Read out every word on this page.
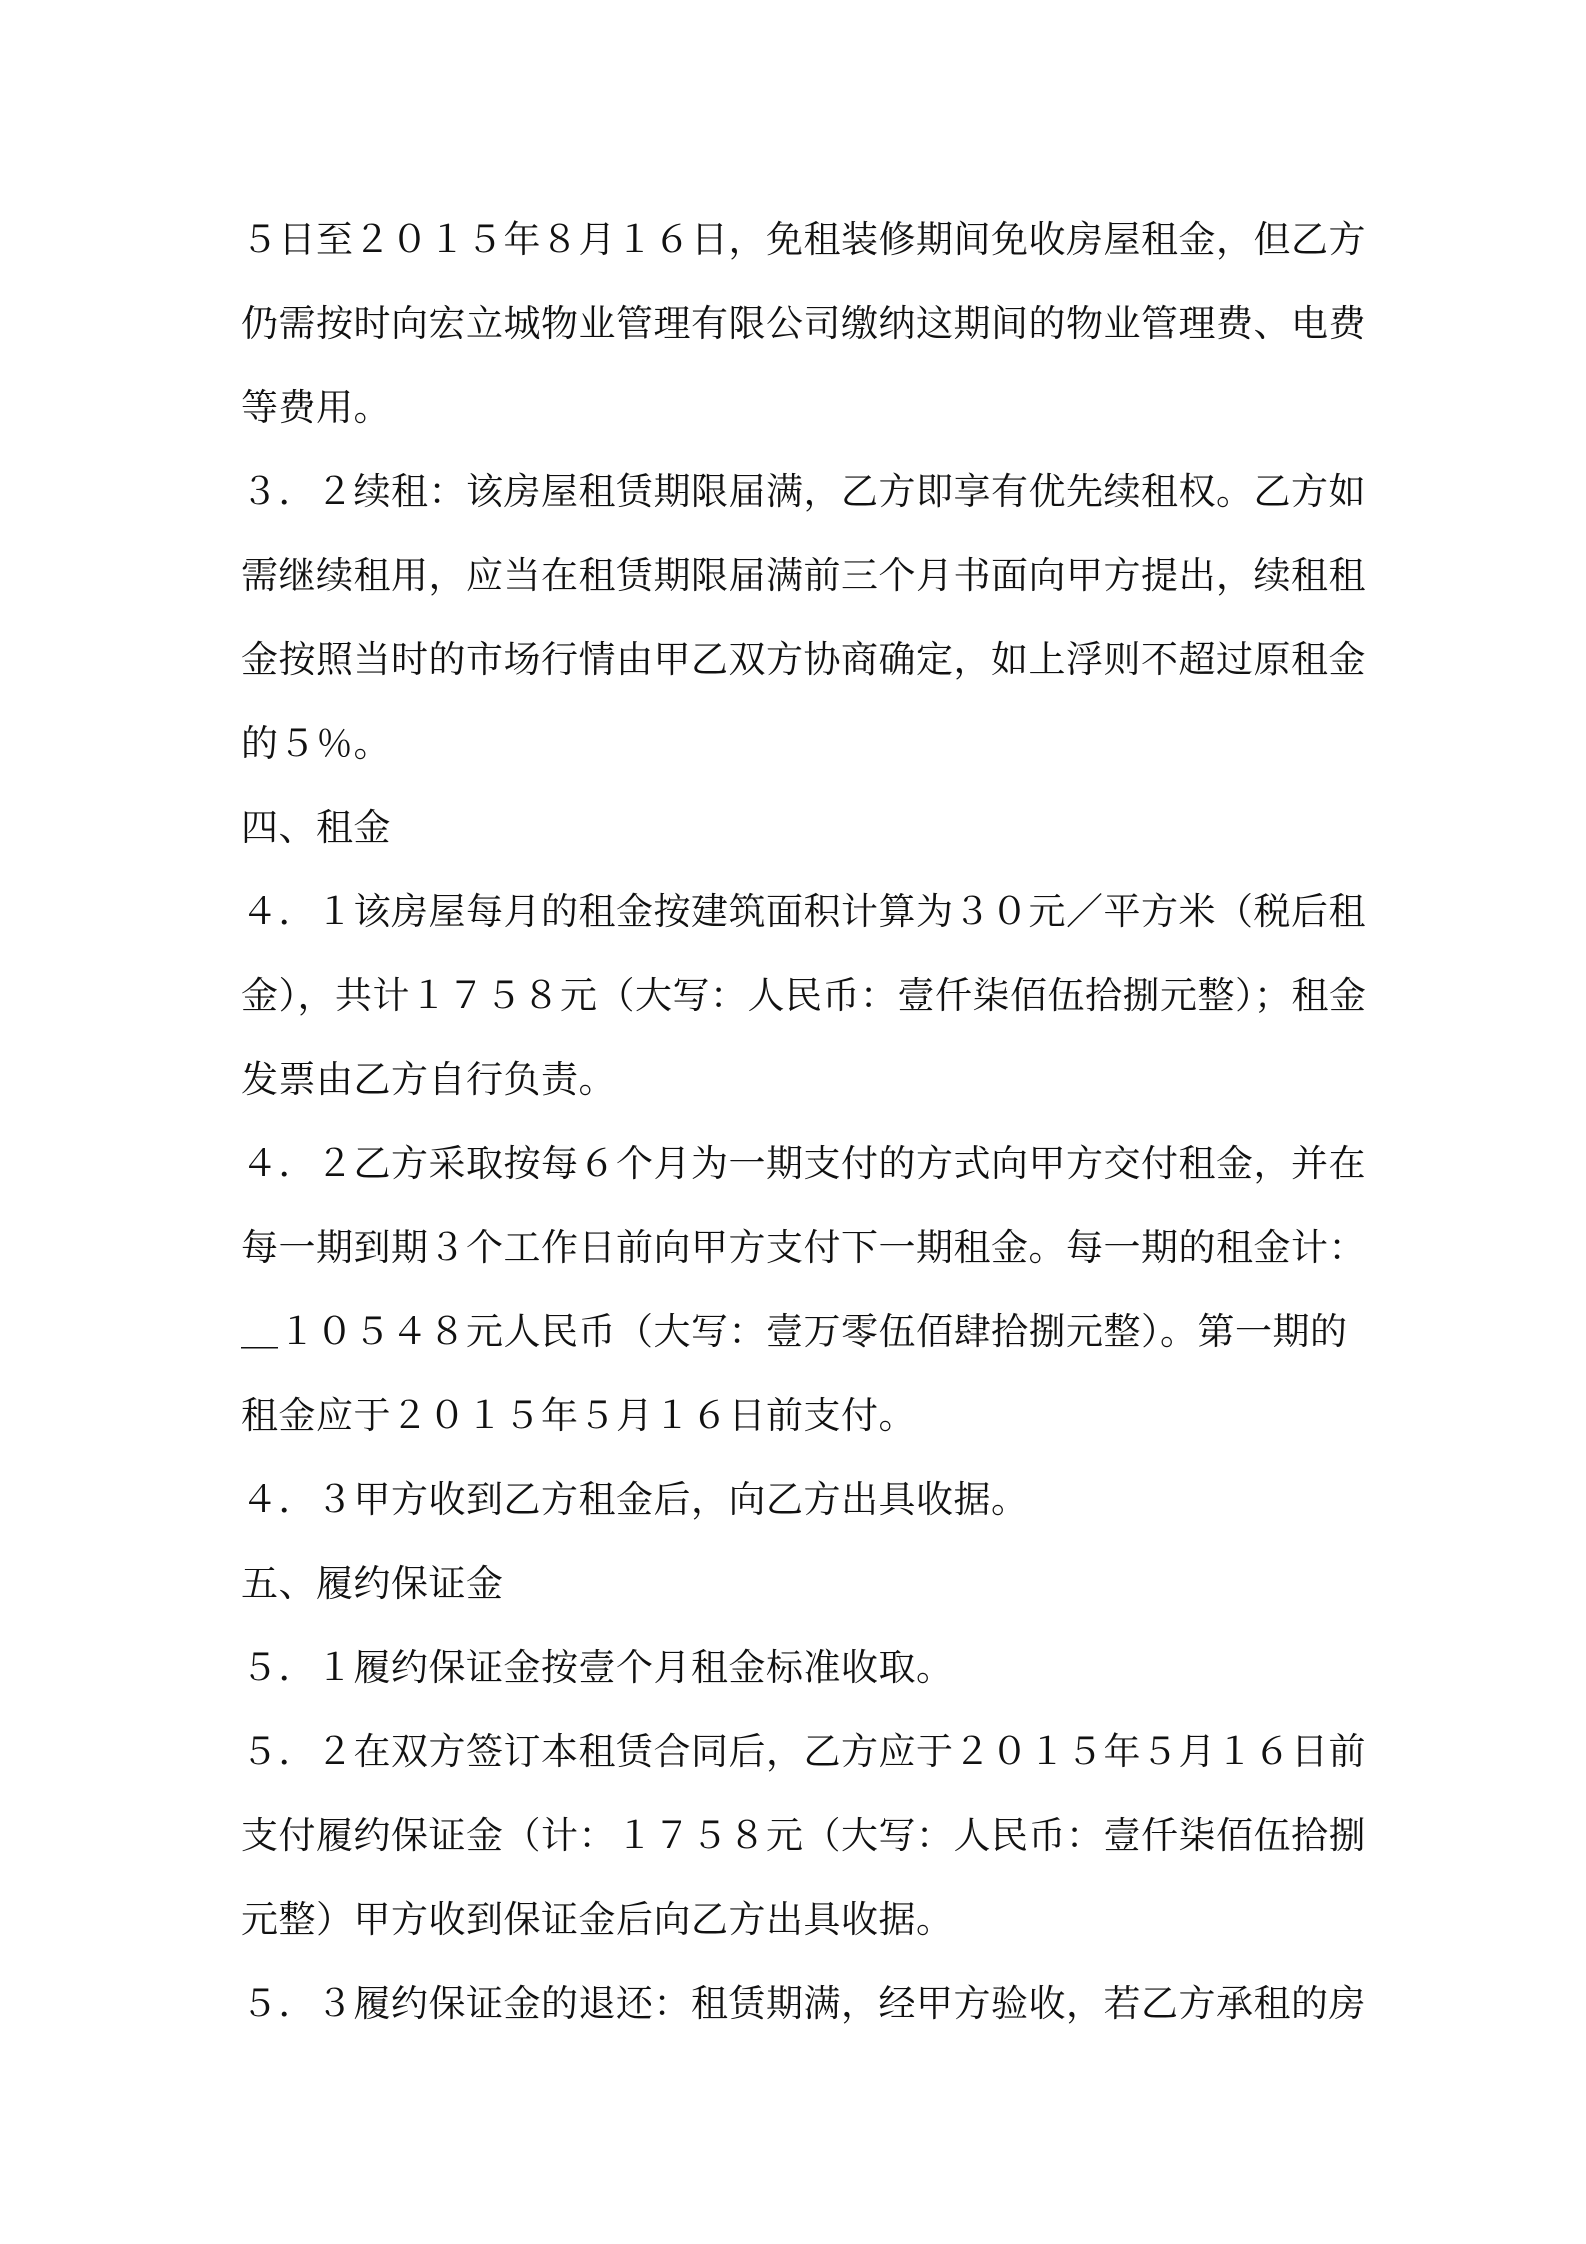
５日至２０１５年８月１６日，免租装修期间免收房屋租金，但乙方
仍需按时向宏立城物业管理有限公司缴纳这期间的物业管理费、电费
等费用。
３．２续租：该房屋租赁期限届满，乙方即享有优先续租权。乙方如
需继续租用，应当在租赁期限届满前三个月书面向甲方提出，续租租
金按照当时的市场行情由甲乙双方协商确定，如上浮则不超过原租金
的５％。
四、租金
４．１该房屋每月的租金按建筑面积计算为３０元／平方米（税后租
金），共计１７５８元（大写：人民币：壹仟柒佰伍拾捌元整）；租金
发票由乙方自行负责。
４．２乙方采取按每６个月为一期支付的方式向甲方交付租金，并在
每一期到期３个工作日前向甲方支付下一期租金。每一期的租金计：
＿１０５４８元人民币（大写：壹万零伍佰肆拾捌元整）。第一期的
租金应于２０１５年５月１６日前支付。
４．３甲方收到乙方租金后，向乙方出具收据。
五、履约保证金
５．１履约保证金按壹个月租金标准收取。
５．２在双方签订本租赁合同后，乙方应于２０１５年５月１６日前
支付履约保证金（计：１７５８元（大写：人民币：壹仟柒佰伍拾捌
元整）甲方收到保证金后向乙方出具收据。
５．３履约保证金的退还：租赁期满，经甲方验收，若乙方承租的房
